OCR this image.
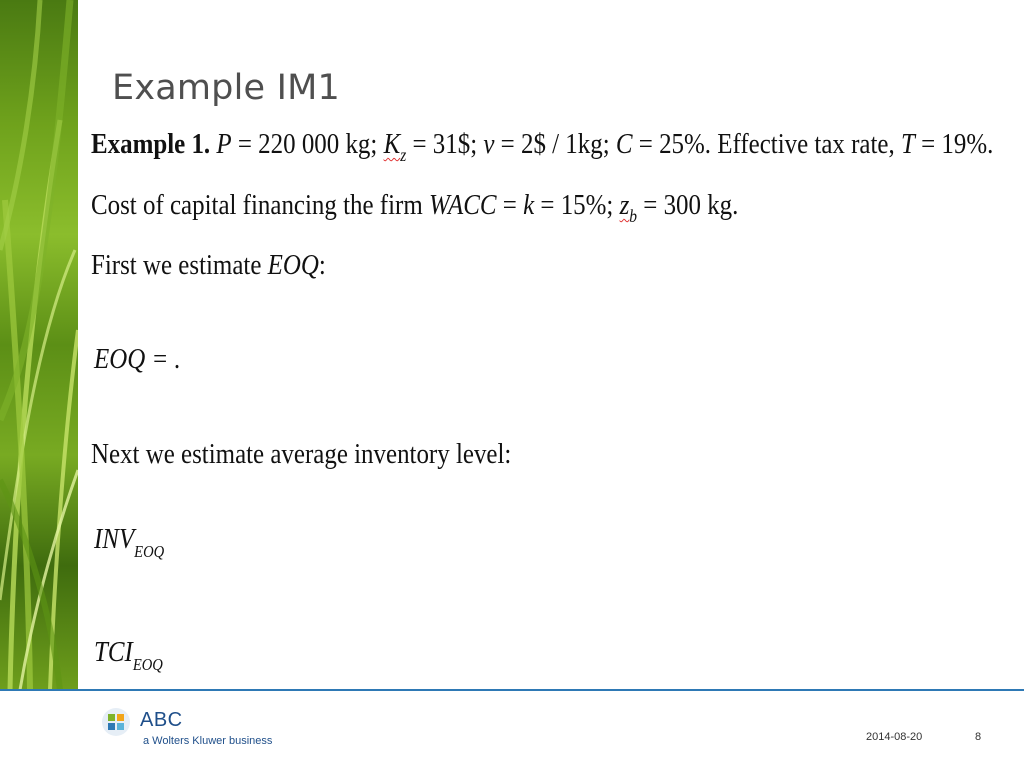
Example IM1
Example 1. P = 220 000 kg; $K_z$ = 31$; v = 2$ / 1kg; C = 25%. Effective tax rate, T = 19%.
Cost of capital financing the firm WACC = k = 15%; $z_b = 300$ kg.
First we estimate EOQ:
EOQ = .
Next we estimate average inventory level:
$INV_{EOQ}$
$TCI_{EOQ}$
ABC
a Wolters Kluwer business	2014-08-20	8
